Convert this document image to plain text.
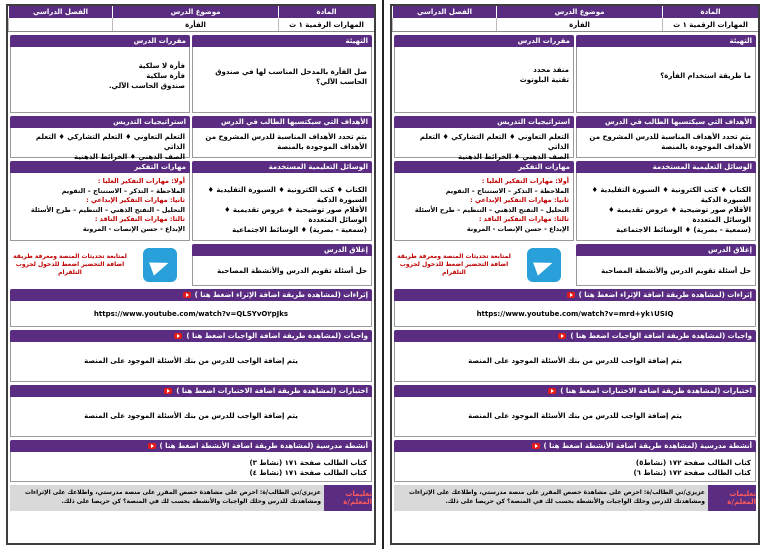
المادة
موضوع الدرس
الفصل الدراسي
المهارات الرقمية ١ ث
الفأرة
التهيئة
ما طريقة استخدام الفأرة؟
مقررات الدرس
منفذ محدد
تقنية البلوتوث
الأهداف التي سيكتسبها الطالب في الدرس
بتم تحدد الأهداف المناسبة للدرس المشروح من الأهداف الموجودة بالمنصة
استراتيجيات التدريس
التعلم التعاوني ♦ التعلم التشاركي ♦ التعلم الذاتي
الصف الذهني ♦ الخرائط الذهنية
الوسائل التعليمية المستخدمة
الكتاب ♦ كتب الكترونية ♦ السبورة التقليدية ♦ السبورة الذكية
الأقلام صور توضيحية ♦ عروض تقديمية ♦ الوسائل المتعددة
(سمعية - بصرية) ♦ الوسائط الاجتماعية
مهارات التفكير
أولا: مهارات التفكير العليا :
الملاحظة – التذكر – الاستنتاج – التقويم
ثانيا: مهارات التفكير الإبداعي :
التحليل – التفتح الذهني – التنظيم – طرح الأسئلة
ثالثا: مهارات التفكير الناقد :
الإبداع - حسن الإنصات - المرونة
إغلاق الدرس
حل أسئلة تقويم الدرس والأنشطة المصاحبة
لمتابعة تحديثات المنصة ومعرفة طريقة اضافة التحضير اضغط للدخول لجروب التلقرام
إثراءات (لمشاهدة طريقة اضافة الإثراء اضغط هنا )
https://www.youtube.com/watch?v=mrd+yk١USIQ
واجبات (لمشاهدة طريقة اضافة الواجبات اضغط هنا )
يتم إضافة الواجب للدرس من بنك الأسئلة الموجود على المنصة
اختبارات (لمشاهدة طريقة اضافة الاختبارات اضغط هنا )
يتم إضافة الواجب للدرس من بنك الأسئلة الموجود على المنصة
أنشطة مدرسية (لمشاهدة طريقة اضافة الأنشطة اضغط هنا )
كتاب الطالب صفحة ١٧٢ (نشاط٥)
كتاب الطالب صفحة ١٧٢ (نشاط ٦)
تعليمات المعلم/ة
عزيزي/تي الطالب/ة: احرص على مشاهدة حصص المقرر على منصة مدرستي، واطلاعك على الإثراءات ومشاهدتك للدرس وحلك الواجبات والأنشطة بحسب لك في المنصة؟ كن حريصا على ذلك.
المادة
موضوع الدرس
الفصل الدراسي
المهارات الرقمية ١ ث
الفأرة
التهيئة
صل الفأرة بالمدخل المناسب لها في صندوق الحاسب الآلي؟
مقررات الدرس
فأرة لا سلكية
فأرة سلكية
صندوق الحاسب الآلي.
الأهداف التي سيكتسبها الطالب في الدرس
بتم تحدد الأهداف المناسبة للدرس المشروح من الأهداف الموجودة بالمنصة
استراتيجيات التدريس
التعلم التعاوني ♦ التعلم التشاركي ♦ التعلم الذاتي
الصف الذهني ♦ الخرائط الذهنية
الوسائل التعليمية المستخدمة
الكتاب ♦ كتب الكترونية ♦ السبورة التقليدية ♦ السبورة الذكية
الأقلام صور توضيحية ♦ عروض تقديمية ♦ الوسائل المتعددة
(سمعية - بصرية) ♦ الوسائط الاجتماعية
مهارات التفكير
أولا: مهارات التفكير العليا :
الملاحظة – التذكر – الاستنتاج – التقويم
ثانيا: مهارات التفكير الإبداعي :
التحليل – التفتح الذهني – التنظيم – طرح الأسئلة
ثالثا: مهارات التفكير الناقد :
الإبداع - حسن الإنصات - المرونة
إغلاق الدرس
حل أسئلة تقويم الدرس والأنشطة المصاحبة
لمتابعة تحديثات المنصة ومعرفة طريقة اضافة التحضير اضغط للدخول لجروب التلقرام
إثراءات (لمشاهدة طريقة اضافة الإثراء اضغط هنا )
https://www.youtube.com/watch?v=QLSYvO٢pJks
واجبات (لمشاهدة طريقة اضافة الواجبات اضغط هنا )
يتم إضافة الواجب للدرس من بنك الأسئلة الموجود على المنصة
اختبارات (لمشاهدة طريقة اضافة الاختبارات اضغط هنا )
يتم إضافة الواجب للدرس من بنك الأسئلة الموجود على المنصة
أنشطة مدرسية (لمشاهدة طريقة اضافة الأنشطة اضغط هنا )
كتاب الطالب صفحة ١٧١ (نشاط ٣)
كتاب الطالب صفحة ١٧١ (نشاط ٤)
تعليمات المعلم/ة
عزيزي/تي الطالب/ة: احرص على مشاهدة حصص المقرر على منصة مدرستي، واطلاعك على الإثراءات ومشاهدتك للدرس وحلك الواجبات والأنشطة بحسب لك في المنصة؟ كن حريصا على ذلك.
